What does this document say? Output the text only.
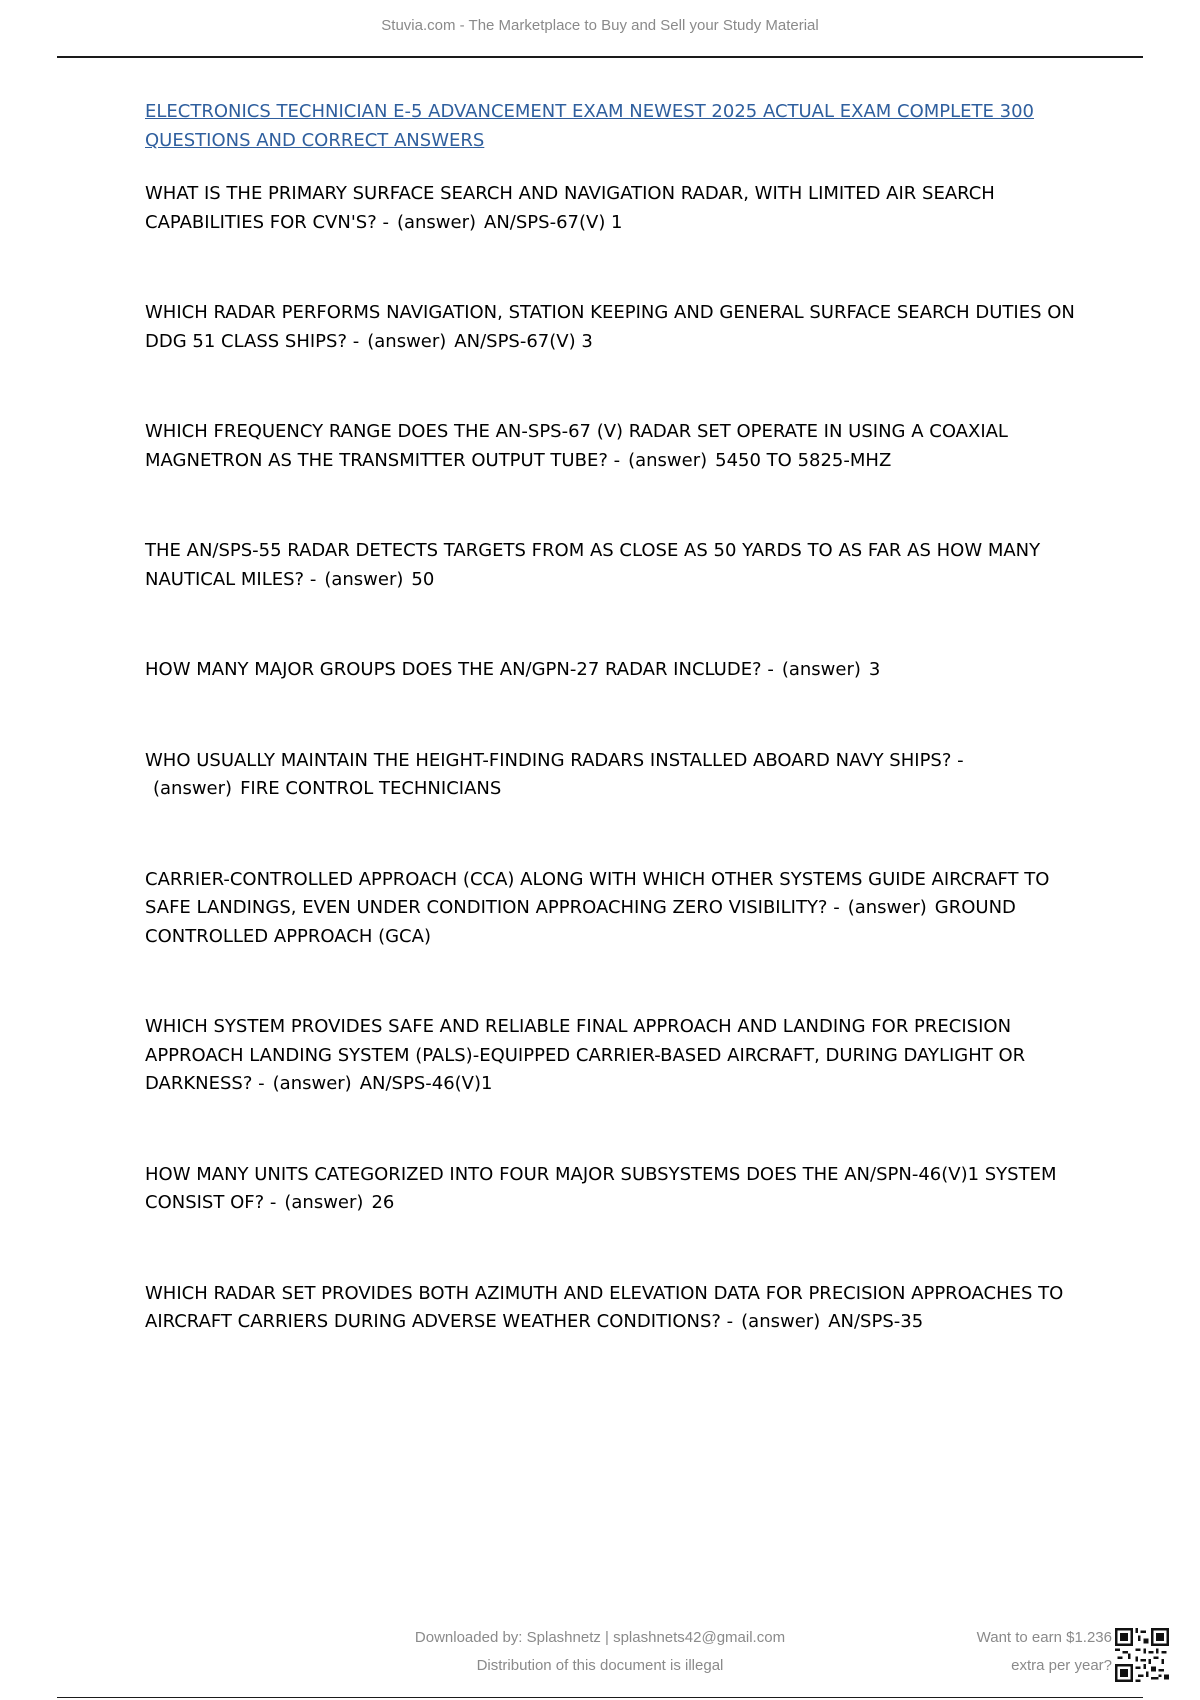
Stuvia.com - The Marketplace to Buy and Sell your Study Material
ELECTRONICS TECHNICIAN E-5 ADVANCEMENT EXAM NEWEST 2025 ACTUAL EXAM COMPLETE 300 QUESTIONS AND CORRECT ANSWERS
WHAT IS THE PRIMARY SURFACE SEARCH AND NAVIGATION RADAR, WITH LIMITED AIR SEARCH CAPABILITIES FOR CVN'S? - (answer) AN/SPS-67(V) 1
WHICH RADAR PERFORMS NAVIGATION, STATION KEEPING AND GENERAL SURFACE SEARCH DUTIES ON DDG 51 CLASS SHIPS? - (answer) AN/SPS-67(V) 3
WHICH FREQUENCY RANGE DOES THE AN-SPS-67 (V) RADAR SET OPERATE IN USING A COAXIAL MAGNETRON AS THE TRANSMITTER OUTPUT TUBE? - (answer) 5450 TO 5825-MHZ
THE AN/SPS-55 RADAR DETECTS TARGETS FROM AS CLOSE AS 50 YARDS TO AS FAR AS HOW MANY NAUTICAL MILES? - (answer) 50
HOW MANY MAJOR GROUPS DOES THE AN/GPN-27 RADAR INCLUDE? - (answer) 3
WHO USUALLY MAINTAIN THE HEIGHT-FINDING RADARS INSTALLED ABOARD NAVY SHIPS? -(answer) FIRE CONTROL TECHNICIANS
CARRIER-CONTROLLED APPROACH (CCA) ALONG WITH WHICH OTHER SYSTEMS GUIDE AIRCRAFT TO SAFE LANDINGS, EVEN UNDER CONDITION APPROACHING ZERO VISIBILITY? - (answer) GROUND CONTROLLED APPROACH (GCA)
WHICH SYSTEM PROVIDES SAFE AND RELIABLE FINAL APPROACH AND LANDING FOR PRECISION APPROACH LANDING SYSTEM (PALS)-EQUIPPED CARRIER-BASED AIRCRAFT, DURING DAYLIGHT OR DARKNESS? - (answer) AN/SPS-46(V)1
HOW MANY UNITS CATEGORIZED INTO FOUR MAJOR SUBSYSTEMS DOES THE AN/SPN-46(V)1 SYSTEM CONSIST OF? - (answer) 26
WHICH RADAR SET PROVIDES BOTH AZIMUTH AND ELEVATION DATA FOR PRECISION APPROACHES TO AIRCRAFT CARRIERS DURING ADVERSE WEATHER CONDITIONS? - (answer) AN/SPS-35
Downloaded by: Splashnetz | splashnets42@gmail.com
Distribution of this document is illegal
Want to earn $1.236
extra per year?
